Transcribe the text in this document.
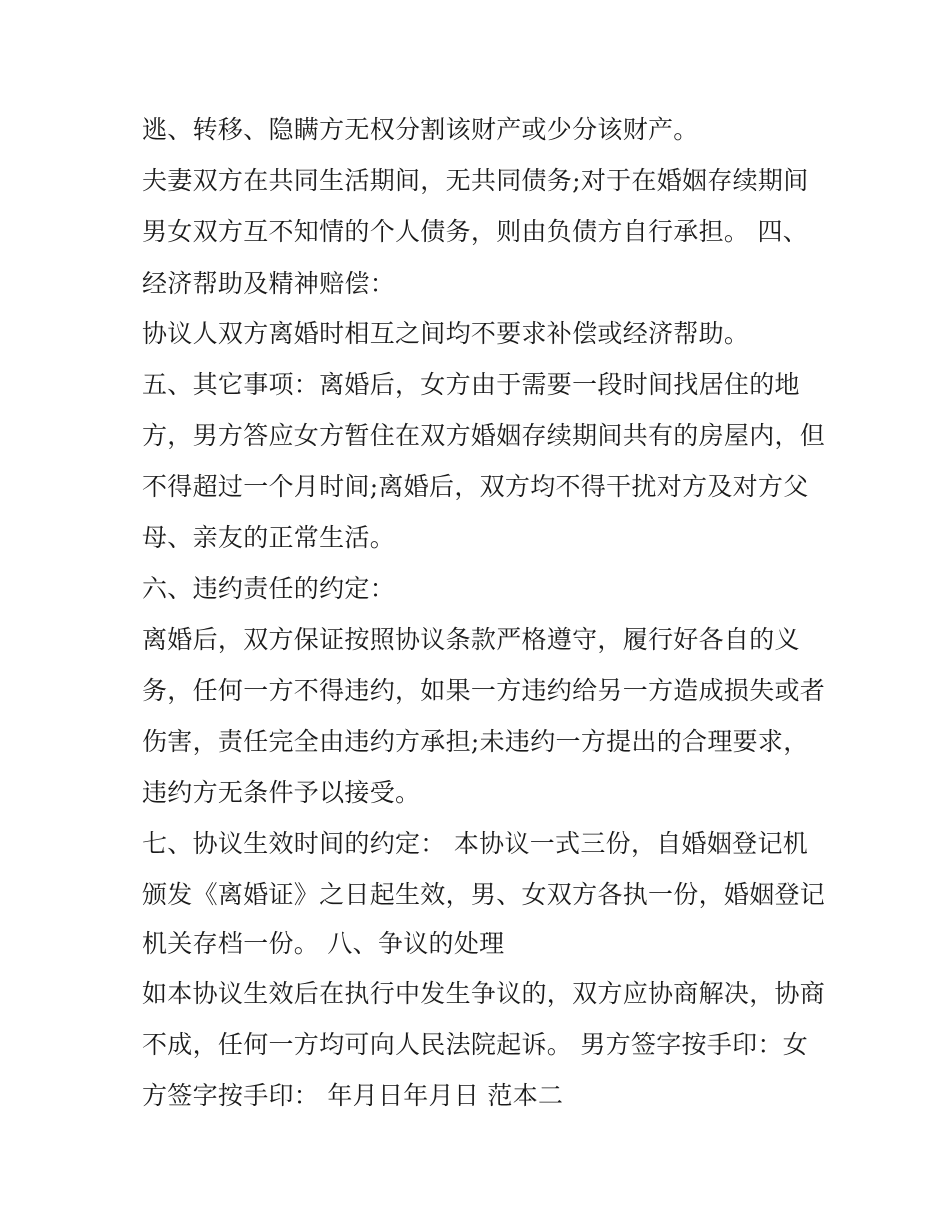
逃、转移、隐瞒方无权分割该财产或少分该财产。
夫妻双方在共同生活期间，无共同债务;对于在婚姻存续期间
男女双方互不知情的个人债务，则由负债方自行承担。 四、
经济帮助及精神赔偿：
协议人双方离婚时相互之间均不要求补偿或经济帮助。
五、其它事项：离婚后，女方由于需要一段时间找居住的地
方，男方答应女方暂住在双方婚姻存续期间共有的房屋内，但
不得超过一个月时间;离婚后，双方均不得干扰对方及对方父
母、亲友的正常生活。
六、违约责任的约定：
离婚后，双方保证按照协议条款严格遵守，履行好各自的义
务，任何一方不得违约，如果一方违约给另一方造成损失或者
伤害，责任完全由违约方承担;未违约一方提出的合理要求，
违约方无条件予以接受。
七、协议生效时间的约定： 本协议一式三份，自婚姻登记机
颁发《离婚证》之日起生效，男、女双方各执一份，婚姻登记
机关存档一份。 八、争议的处理
如本协议生效后在执行中发生争议的，双方应协商解决，协商
不成，任何一方均可向人民法院起诉。 男方签字按手印：女
方签字按手印： 年月日年月日 范本二
